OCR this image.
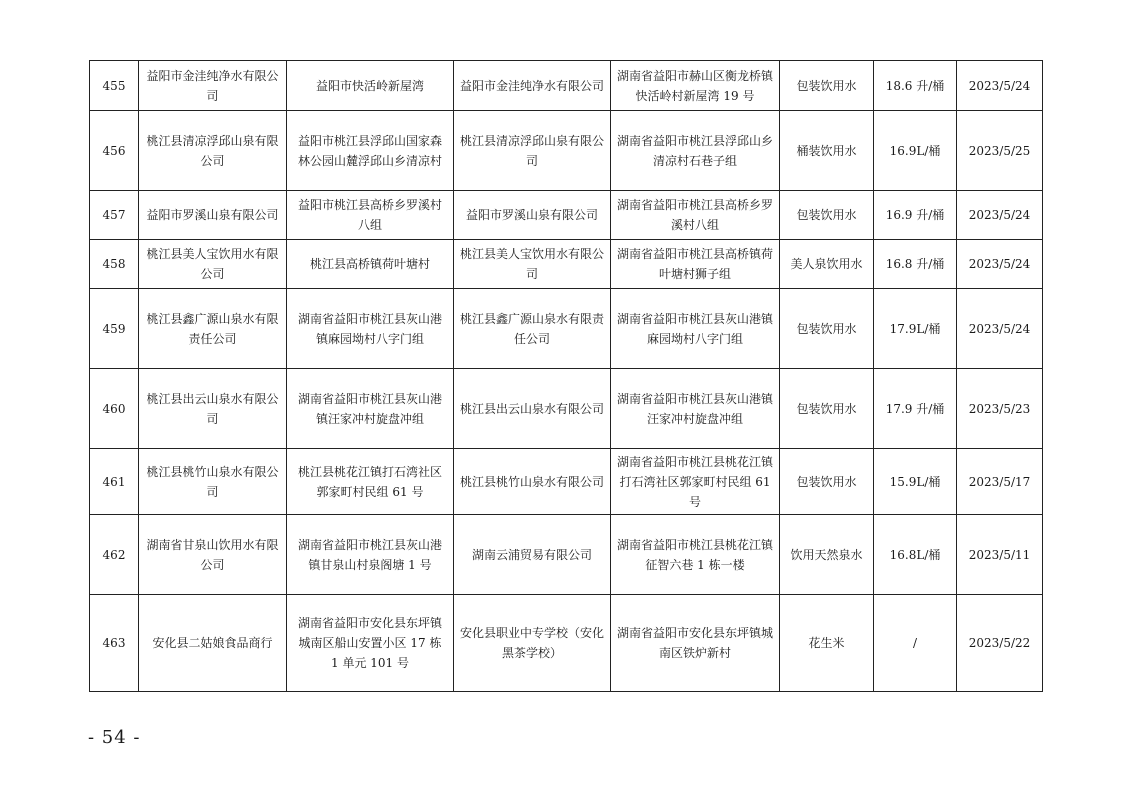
455	益阳市金洼纯净水有限公司	益阳市快活岭新屋湾	益阳市金洼纯净水有限公司	湖南省益阳市赫山区衡龙桥镇快活岭村新屋湾 19 号	包装饮用水	18.6 升/桶	2023/5/24
456	桃江县清凉浮邱山泉有限公司	益阳市桃江县浮邱山国家森林公园山麓浮邱山乡清凉村	桃江县清凉浮邱山泉有限公司	湖南省益阳市桃江县浮邱山乡清凉村石巷子组	桶装饮用水	16.9L/桶	2023/5/25
457	益阳市罗溪山泉有限公司	益阳市桃江县高桥乡罗溪村八组	益阳市罗溪山泉有限公司	湖南省益阳市桃江县高桥乡罗溪村八组	包装饮用水	16.9 升/桶	2023/5/24
458	桃江县美人宝饮用水有限公司	桃江县高桥镇荷叶塘村	桃江县美人宝饮用水有限公司	湖南省益阳市桃江县高桥镇荷叶塘村狮子组	美人泉饮用水	16.8 升/桶	2023/5/24
459	桃江县鑫广源山泉水有限责任公司	湖南省益阳市桃江县灰山港镇麻园坳村八字门组	桃江县鑫广源山泉水有限责任公司	湖南省益阳市桃江县灰山港镇麻园坳村八字门组	包装饮用水	17.9L/桶	2023/5/24
460	桃江县出云山泉水有限公司	湖南省益阳市桃江县灰山港镇汪家冲村旋盘冲组	桃江县出云山泉水有限公司	湖南省益阳市桃江县灰山港镇汪家冲村旋盘冲组	包装饮用水	17.9 升/桶	2023/5/23
461	桃江县桃竹山泉水有限公司	桃江县桃花江镇打石湾社区郭家町村民组 61 号	桃江县桃竹山泉水有限公司	湖南省益阳市桃江县桃花江镇打石湾社区郭家町村民组 61 号	包装饮用水	15.9L/桶	2023/5/17
462	湖南省甘泉山饮用水有限公司	湖南省益阳市桃江县灰山港镇甘泉山村泉阁塘 1 号	湖南云浦贸易有限公司	湖南省益阳市桃江县桃花江镇征智六巷 1 栋一楼	饮用天然泉水	16.8L/桶	2023/5/11
463	安化县二姑娘食品商行	湖南省益阳市安化县东坪镇城南区船山安置小区 17 栋 1 单元 101 号	安化县职业中专学校（安化黑茶学校）	湖南省益阳市安化县东坪镇城南区铁炉新村	花生米	/	2023/5/22
- 54 -
